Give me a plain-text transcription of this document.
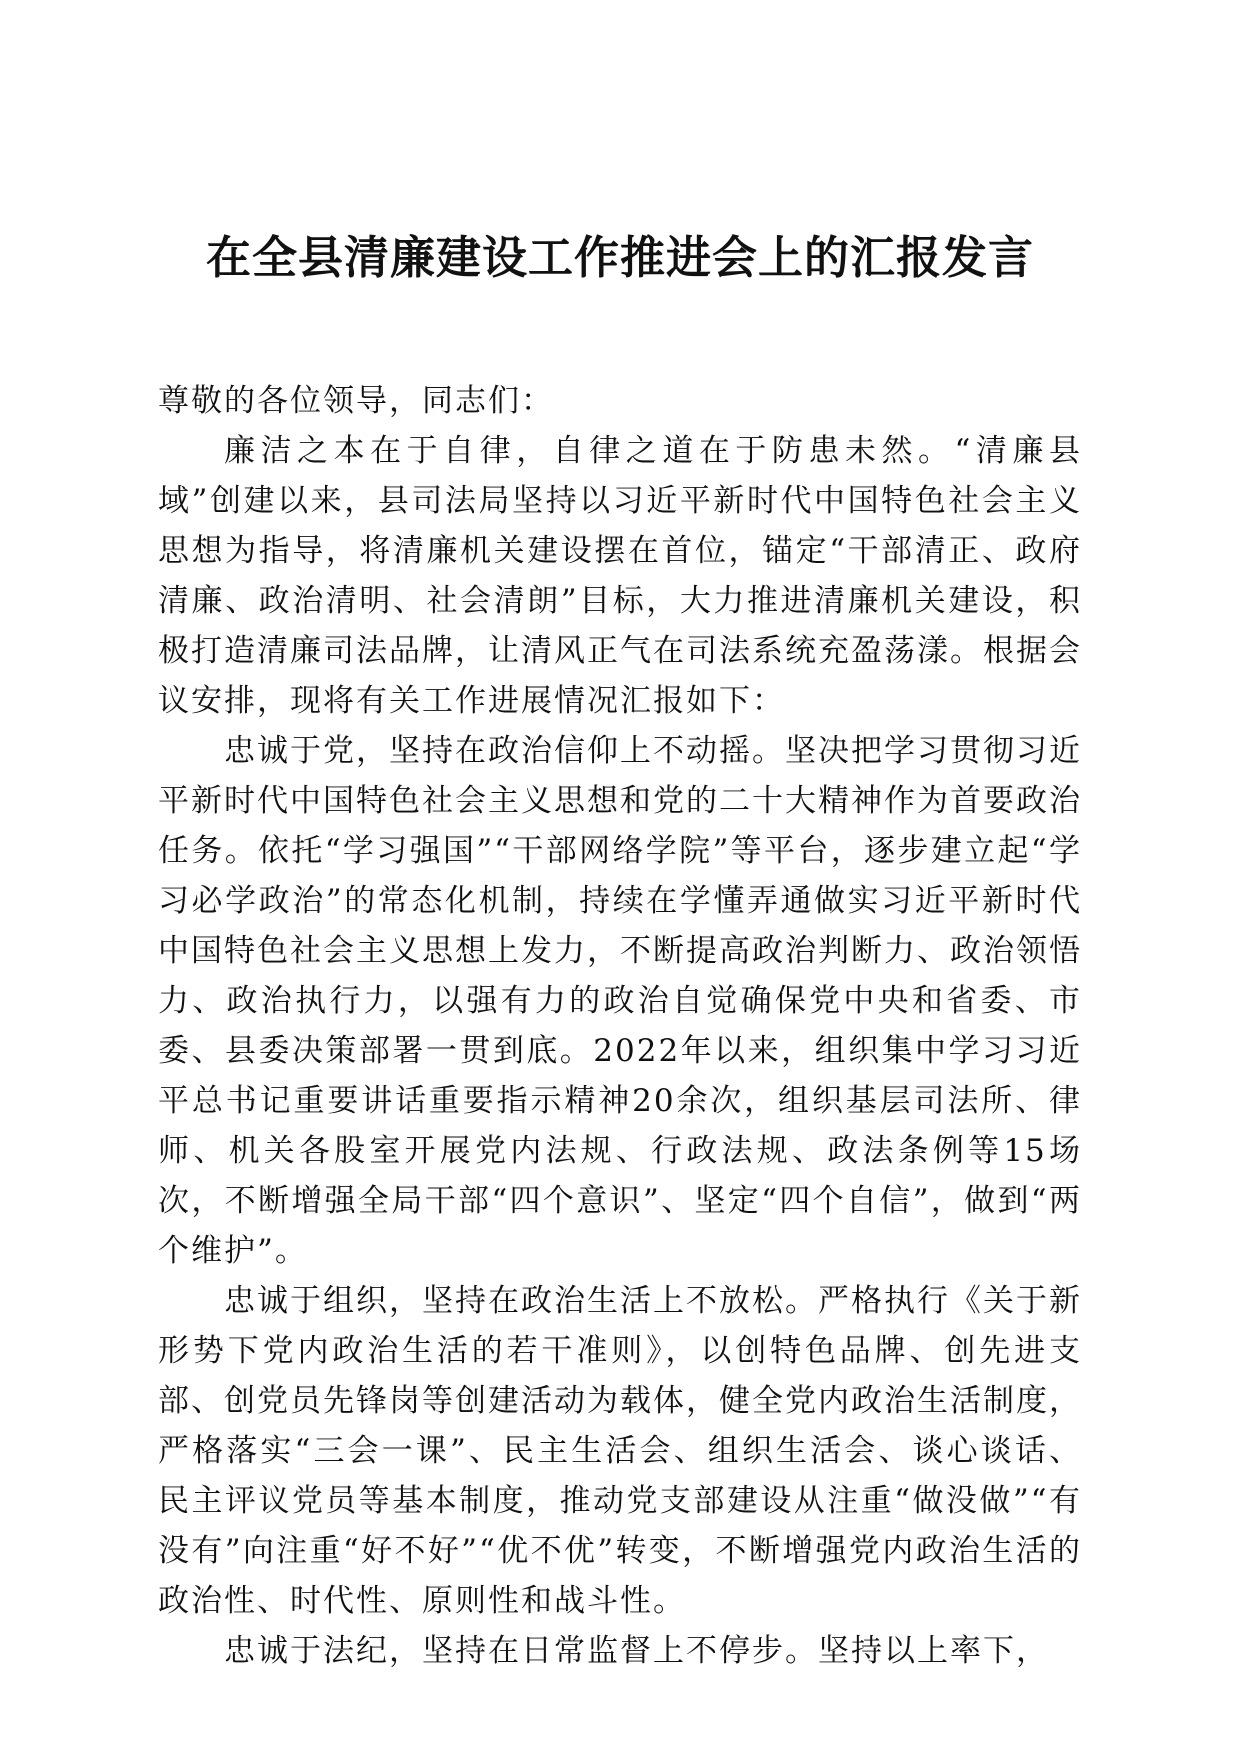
在全县清廉建设工作推进会上的汇报发言

尊敬的各位领导，同志们：

廉洁之本在于自律，自律之道在于防患未然。“清廉县域”创建以来，县司法局坚持以习近平新时代中国特色社会主义思想为指导，将清廉机关建设摆在首位，锚定“干部清正、政府清廉、政治清明、社会清朗”目标，大力推进清廉机关建设，积极打造清廉司法品牌，让清风正气在司法系统充盈荡漾。根据会议安排，现将有关工作进展情况汇报如下：

忠诚于党，坚持在政治信仰上不动摇。坚决把学习贯彻习近平新时代中国特色社会主义思想和党的二十大精神作为首要政治任务。依托“学习强国”“干部网络学院”等平台，逐步建立起“学习必学政治”的常态化机制，持续在学懂弄通做实习近平新时代中国特色社会主义思想上发力，不断提高政治判断力、政治领悟力、政治执行力，以强有力的政治自觉确保党中央和省委、市委、县委决策部署一贯到底。2022年以来，组织集中学习习近平总书记重要讲话重要指示精神20余次，组织基层司法所、律师、机关各股室开展党内法规、行政法规、政法条例等15场次，不断增强全局干部“四个意识”、坚定“四个自信”，做到“两个维护”。

忠诚于组织，坚持在政治生活上不放松。严格执行《关于新形势下党内政治生活的若干准则》，以创特色品牌、创先进支部、创党员先锋岗等创建活动为载体，健全党内政治生活制度，严格落实“三会一课”、民主生活会、组织生活会、谈心谈话、民主评议党员等基本制度，推动党支部建设从注重“做没做”“有没有”向注重“好不好”“优不优”转变，不断增强党内政治生活的政治性、时代性、原则性和战斗性。

忠诚于法纪，坚持在日常监督上不停步。坚持以上率下，
